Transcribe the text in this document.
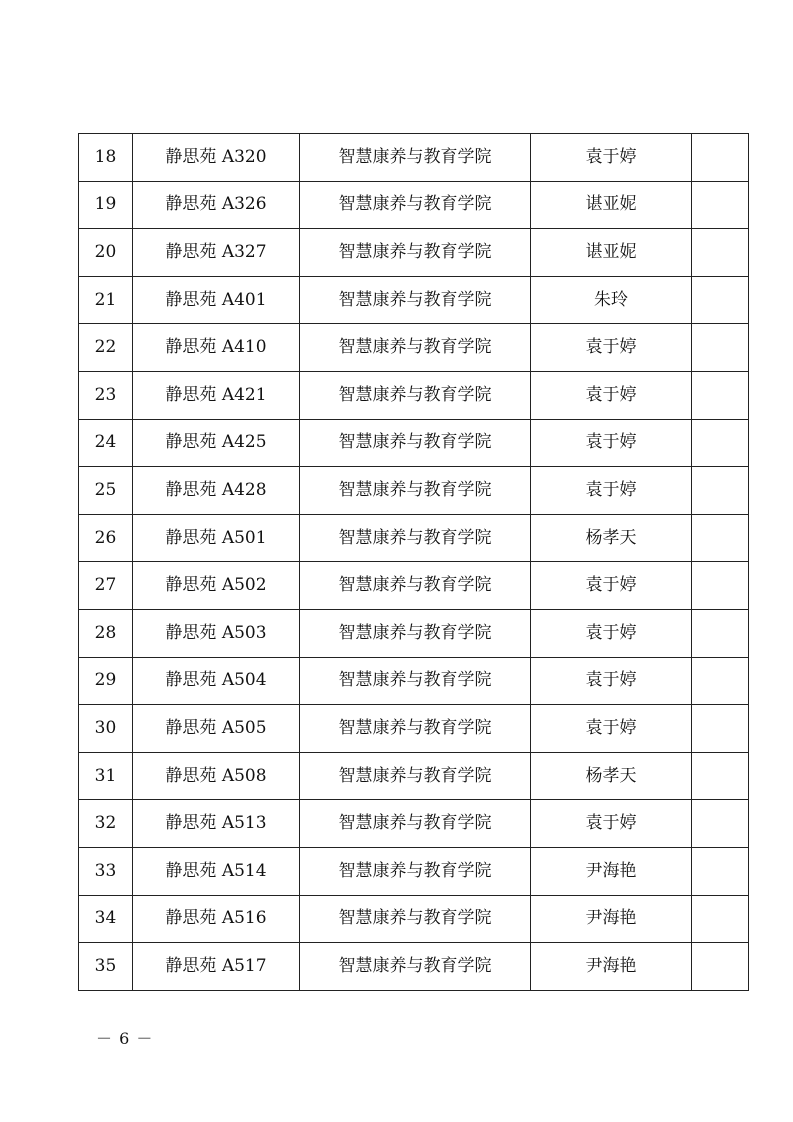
18	静思苑 A320	智慧康养与教育学院	袁于婷	
19	静思苑 A326	智慧康养与教育学院	谌亚妮	
20	静思苑 A327	智慧康养与教育学院	谌亚妮	
21	静思苑 A401	智慧康养与教育学院	朱玲	
22	静思苑 A410	智慧康养与教育学院	袁于婷	
23	静思苑 A421	智慧康养与教育学院	袁于婷	
24	静思苑 A425	智慧康养与教育学院	袁于婷	
25	静思苑 A428	智慧康养与教育学院	袁于婷	
26	静思苑 A501	智慧康养与教育学院	杨孝天	
27	静思苑 A502	智慧康养与教育学院	袁于婷	
28	静思苑 A503	智慧康养与教育学院	袁于婷	
29	静思苑 A504	智慧康养与教育学院	袁于婷	
30	静思苑 A505	智慧康养与教育学院	袁于婷	
31	静思苑 A508	智慧康养与教育学院	杨孝天	
32	静思苑 A513	智慧康养与教育学院	袁于婷	
33	静思苑 A514	智慧康养与教育学院	尹海艳	
34	静思苑 A516	智慧康养与教育学院	尹海艳	
35	静思苑 A517	智慧康养与教育学院	尹海艳	
－ 6 －
